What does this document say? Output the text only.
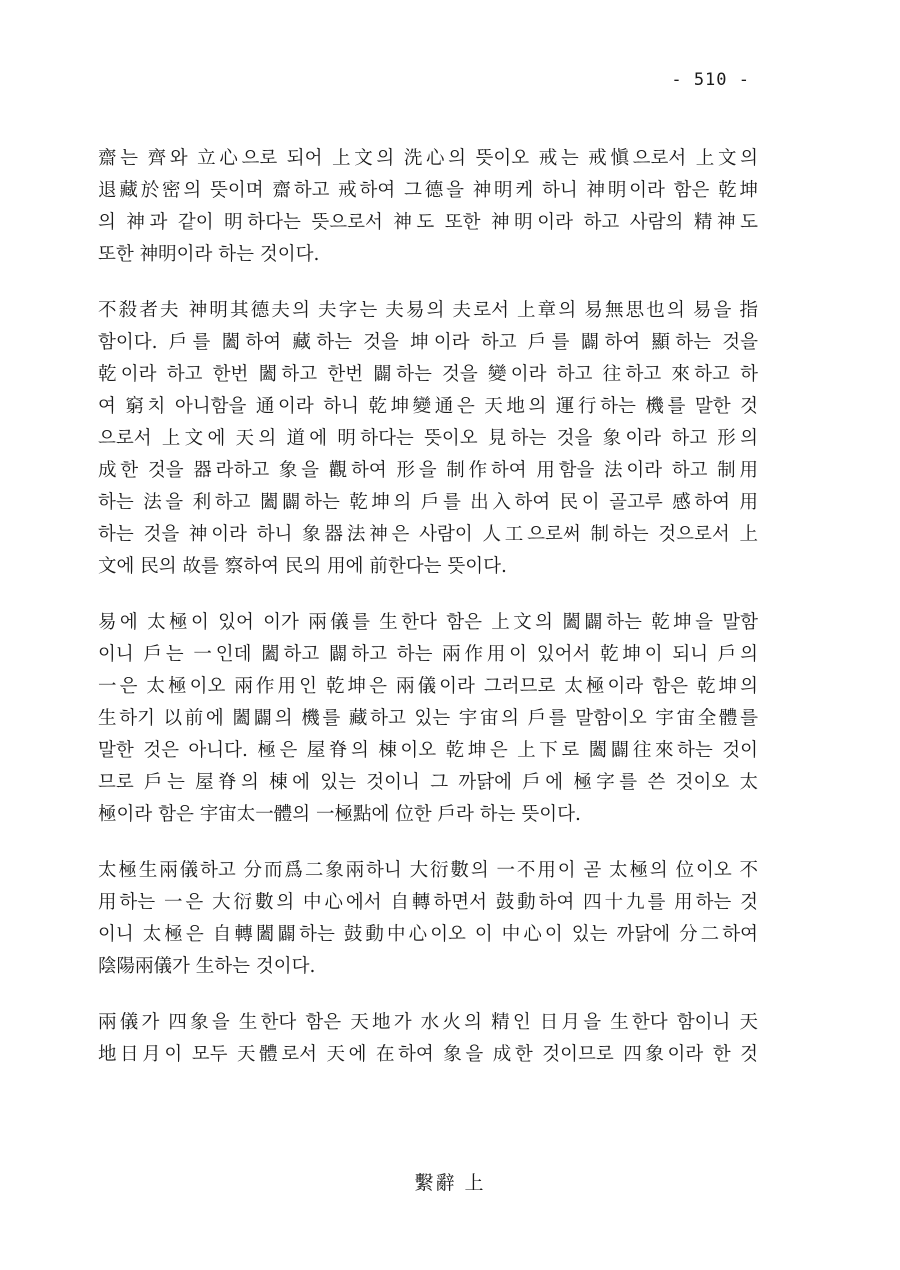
- 510 -
齋는 齊와 立心으로 되어 上文의 洗心의 뜻이오 戒는 戒愼으로서 上文의
退藏於密의 뜻이며 齋하고 戒하여 그德을 神明케 하니 神明이라 함은 乾坤
의 神과 같이 明하다는 뜻으로서 神도 또한 神明이라 하고 사람의 精神도
또한 神明이라 하는 것이다.
不殺者夫 神明其德夫의 夫字는 夫易의 夫로서 上章의 易無思也의 易을 指
함이다. 戶를 闔하여 藏하는 것을 坤이라 하고 戶를 闢하여 顯하는 것을
乾이라 하고 한번 闔하고 한번 闢하는 것을 變이라 하고 往하고 來하고 하
여 窮치 아니함을 通이라 하니 乾坤變通은 天地의 運行하는 機를 말한 것
으로서 上文에 天의 道에 明하다는 뜻이오 見하는 것을 象이라 하고 形의
成한 것을 器라하고 象을 觀하여 形을 制作하여 用함을 法이라 하고 制用
하는 法을 利하고 闔闢하는 乾坤의 戶를 出入하여 民이 골고루 感하여 用
하는 것을 神이라 하니 象器法神은 사람이 人工으로써 制하는 것으로서 上
文에 民의 故를 察하여 民의 用에 前한다는 뜻이다.
易에 太極이 있어 이가 兩儀를 生한다 함은 上文의 闔闢하는 乾坤을 말함
이니 戶는 一인데 闔하고 闢하고 하는 兩作用이 있어서 乾坤이 되니 戶의
一은 太極이오 兩作用인 乾坤은 兩儀이라 그러므로 太極이라 함은 乾坤의
生하기 以前에 闔闢의 機를 藏하고 있는 宇宙의 戶를 말함이오 宇宙全體를
말한 것은 아니다. 極은 屋脊의 棟이오 乾坤은 上下로 闔闢往來하는 것이
므로 戶는 屋脊의 棟에 있는 것이니 그 까닭에 戶에 極字를 쓴 것이오 太
極이라 함은 宇宙太一體의 一極點에 位한 戶라 하는 뜻이다.
太極生兩儀하고 分而爲二象兩하니 大衍數의 一不用이 곧 太極의 位이오 不
用하는 一은 大衍數의 中心에서 自轉하면서 鼓動하여 四十九를 用하는 것
이니 太極은 自轉闔闢하는 鼓動中心이오 이 中心이 있는 까닭에 分二하여
陰陽兩儀가 生하는 것이다.
兩儀가 四象을 生한다 함은 天地가 水火의 精인 日月을 生한다 함이니 天
地日月이 모두 天體로서 天에 在하여 象을 成한 것이므로 四象이라 한 것
繫辭 上
